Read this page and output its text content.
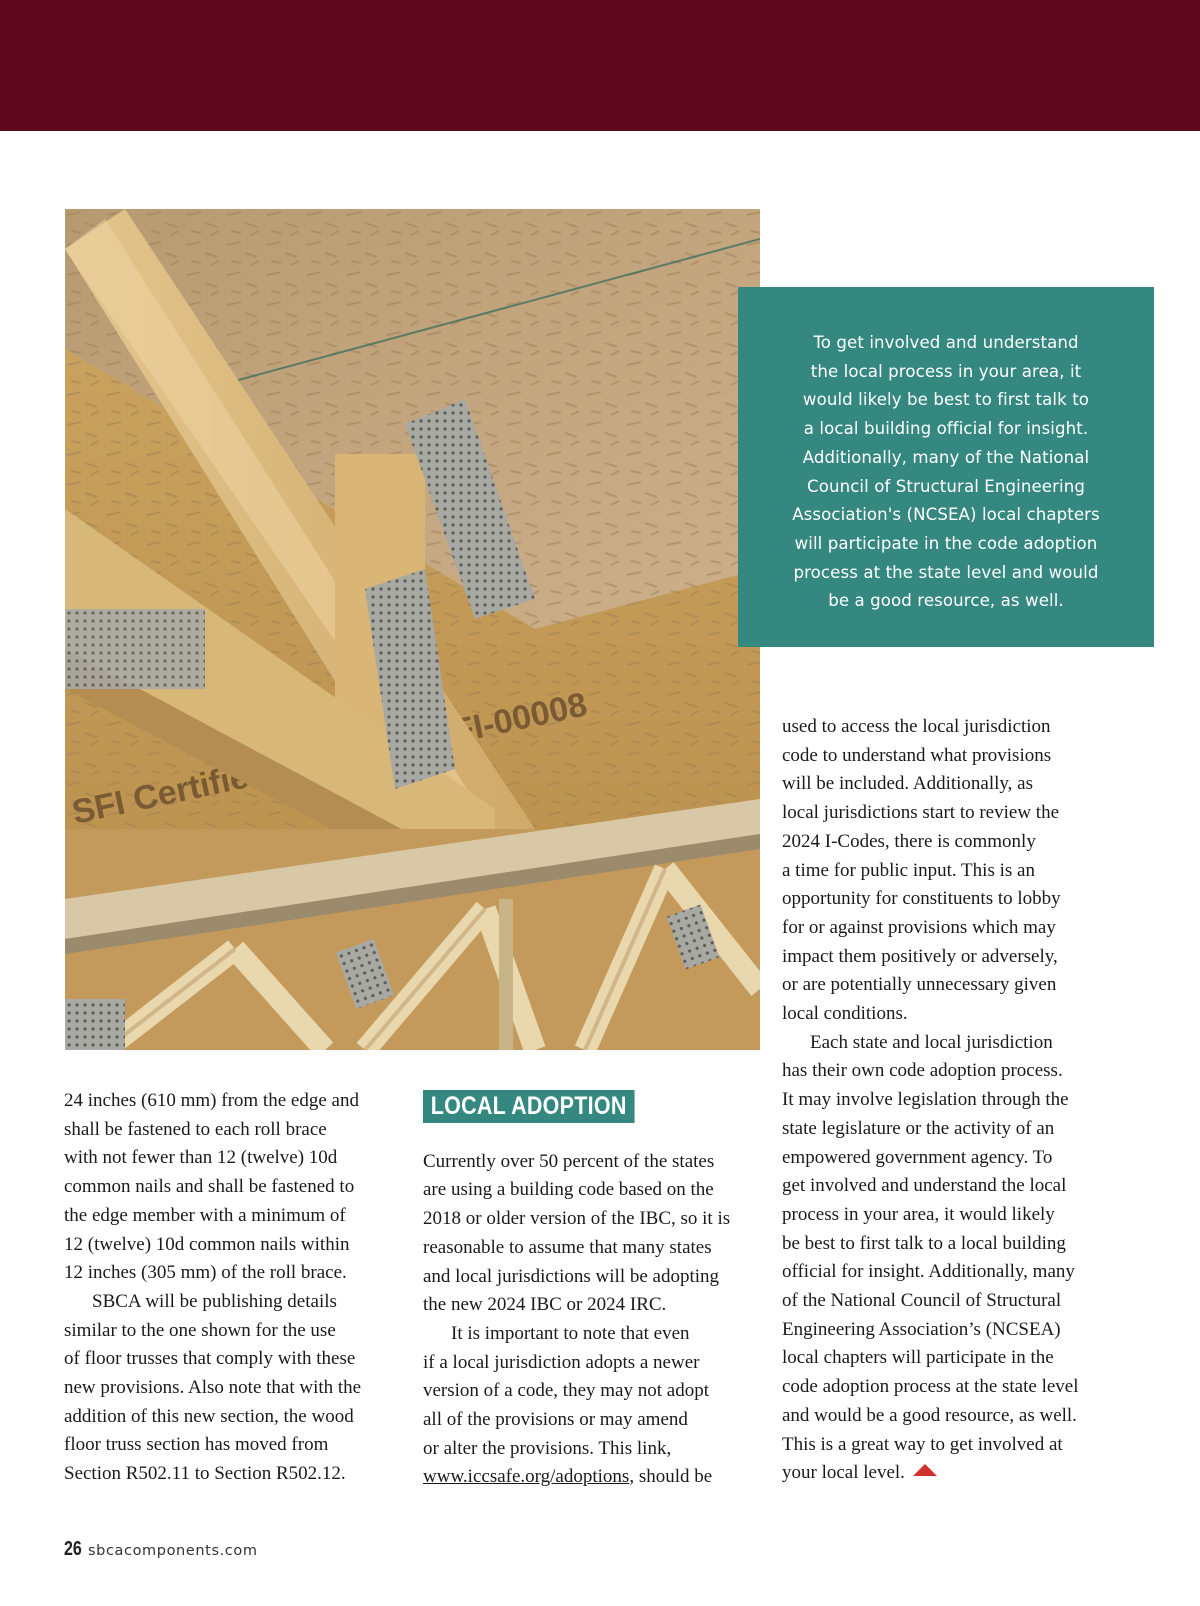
SFI Certified SFI-00008
To get involved and understand
the local process in your area, it
would likely be best to first talk to
a local building official for insight.
Additionally, many of the National
Council of Structural Engineering
Association's (NCSEA) local chapters
will participate in the code adoption
process at the state level and would
be a good resource, as well.

24 inches (610 mm) from the edge and
shall be fastened to each roll brace
with not fewer than 12 (twelve) 10d
common nails and shall be fastened to
the edge member with a minimum of
12 (twelve) 10d common nails within
12 inches (305 mm) of the roll brace.

SBCA will be publishing details
similar to the one shown for the use
of floor trusses that comply with these
new provisions. Also note that with the
addition of this new section, the wood
floor truss section has moved from
Section R502.11 to Section R502.12.

LOCAL ADOPTION

Currently over 50 percent of the states
are using a building code based on the
2018 or older version of the IBC, so it is
reasonable to assume that many states
and local jurisdictions will be adopting
the new 2024 IBC or 2024 IRC.

It is important to note that even
if a local jurisdiction adopts a newer
version of a code, they may not adopt
all of the provisions or may amend
or alter the provisions. This link,
www.iccsafe.org/adoptions, should be

used to access the local jurisdiction
code to understand what provisions
will be included. Additionally, as
local jurisdictions start to review the
2024 I-Codes, there is commonly
a time for public input. This is an
opportunity for constituents to lobby
for or against provisions which may
impact them positively or adversely,
or are potentially unnecessary given
local conditions.

Each state and local jurisdiction
has their own code adoption process.
It may involve legislation through the
state legislature or the activity of an
empowered government agency. To
get involved and understand the local
process in your area, it would likely
be best to first talk to a local building
official for insight. Additionally, many
of the National Council of Structural
Engineering Association’s (NCSEA)
local chapters will participate in the
code adoption process at the state level
and would be a good resource, as well.
This is a great way to get involved at
your local level.

26 sbcacomponents.com
